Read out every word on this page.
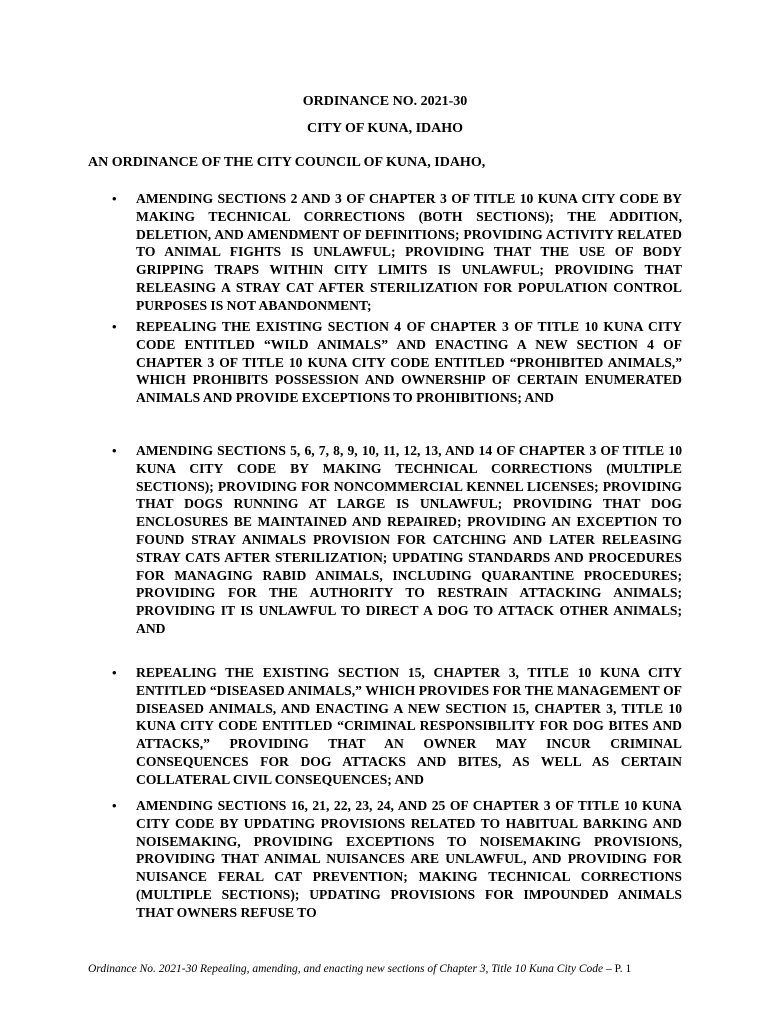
ORDINANCE NO. 2021-30
CITY OF KUNA, IDAHO
AN ORDINANCE OF THE CITY COUNCIL OF KUNA, IDAHO,
• AMENDING SECTIONS 2 AND 3 OF CHAPTER 3 OF TITLE 10 KUNA CITY CODE BY MAKING TECHNICAL CORRECTIONS (BOTH SECTIONS); THE ADDITION, DELETION, AND AMENDMENT OF DEFINITIONS; PROVIDING ACTIVITY RELATED TO ANIMAL FIGHTS IS UNLAWFUL; PROVIDING THAT THE USE OF BODY GRIPPING TRAPS WITHIN CITY LIMITS IS UNLAWFUL; PROVIDING THAT RELEASING A STRAY CAT AFTER STERILIZATION FOR POPULATION CONTROL PURPOSES IS NOT ABANDONMENT;

• REPEALING THE EXISTING SECTION 4 OF CHAPTER 3 OF TITLE 10 KUNA CITY CODE ENTITLED “WILD ANIMALS” AND ENACTING A NEW SECTION 4 OF CHAPTER 3 OF TITLE 10 KUNA CITY CODE ENTITLED “PROHIBITED ANIMALS,” WHICH PROHIBITS POSSESSION AND OWNERSHIP OF CERTAIN ENUMERATED ANIMALS AND PROVIDE EXCEPTIONS TO PROHIBITIONS; AND

• AMENDING SECTIONS 5, 6, 7, 8, 9, 10, 11, 12, 13, AND 14 OF CHAPTER 3 OF TITLE 10 KUNA CITY CODE BY MAKING TECHNICAL CORRECTIONS (MULTIPLE SECTIONS); PROVIDING FOR NONCOMMERCIAL KENNEL LICENSES; PROVIDING THAT DOGS RUNNING AT LARGE IS UNLAWFUL; PROVIDING THAT DOG ENCLOSURES BE MAINTAINED AND REPAIRED; PROVIDING AN EXCEPTION TO FOUND STRAY ANIMALS PROVISION FOR CATCHING AND LATER RELEASING STRAY CATS AFTER STERILIZATION; UPDATING STANDARDS AND PROCEDURES FOR MANAGING RABID ANIMALS, INCLUDING QUARANTINE PROCEDURES; PROVIDING FOR THE AUTHORITY TO RESTRAIN ATTACKING ANIMALS; PROVIDING IT IS UNLAWFUL TO DIRECT A DOG TO ATTACK OTHER ANIMALS; AND

• REPEALING THE EXISTING SECTION 15, CHAPTER 3, TITLE 10 KUNA CITY ENTITLED “DISEASED ANIMALS,” WHICH PROVIDES FOR THE MANAGEMENT OF DISEASED ANIMALS, AND ENACTING A NEW SECTION 15, CHAPTER 3, TITLE 10 KUNA CITY CODE ENTITLED “CRIMINAL RESPONSIBILITY FOR DOG BITES AND ATTACKS,” PROVIDING THAT AN OWNER MAY INCUR CRIMINAL CONSEQUENCES FOR DOG ATTACKS AND BITES, AS WELL AS CERTAIN COLLATERAL CIVIL CONSEQUENCES; AND

• AMENDING SECTIONS 16, 21, 22, 23, 24, AND 25 OF CHAPTER 3 OF TITLE 10 KUNA CITY CODE BY UPDATING PROVISIONS RELATED TO HABITUAL BARKING AND NOISEMAKING, PROVIDING EXCEPTIONS TO NOISEMAKING PROVISIONS, PROVIDING THAT ANIMAL NUISANCES ARE UNLAWFUL, AND PROVIDING FOR NUISANCE FERAL CAT PREVENTION; MAKING TECHNICAL CORRECTIONS (MULTIPLE SECTIONS); UPDATING PROVISIONS FOR IMPOUNDED ANIMALS THAT OWNERS REFUSE TO

Ordinance No. 2021-30 Repealing, amending, and enacting new sections of Chapter 3, Title 10 Kuna City Code – P. 1
